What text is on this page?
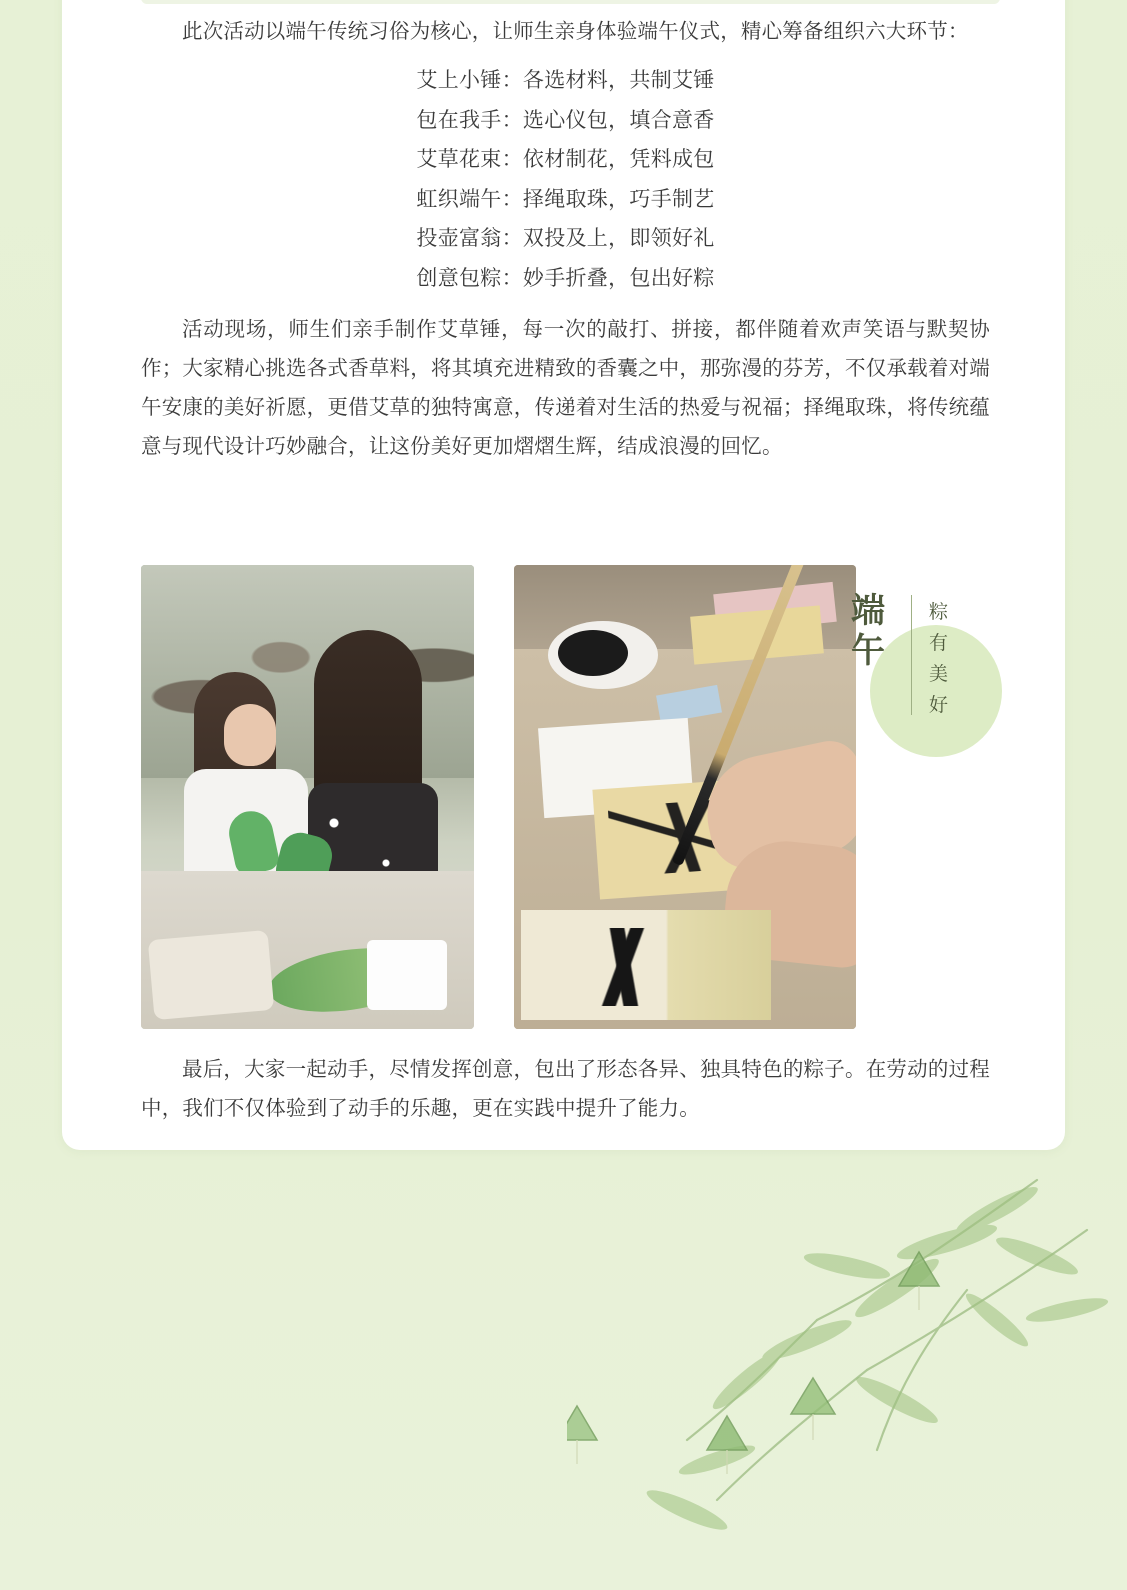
此次活动以端午传统习俗为核心，让师生亲身体验端午仪式，精心筹备组织六大环节：

艾上小锤：各选材料，共制艾锤
包在我手：选心仪包，填合意香
艾草花束：依材制花，凭料成包
虹织端午：择绳取珠，巧手制艺
投壶富翁：双投及上，即领好礼
创意包粽：妙手折叠，包出好粽

活动现场，师生们亲手制作艾草锤，每一次的敲打、拼接，都伴随着欢声笑语与默契协作；大家精心挑选各式香草料，将其填充进精致的香囊之中，那弥漫的芬芳，不仅承载着对端午安康的美好祈愿，更借艾草的独特寓意，传递着对生活的热爱与祝福；择绳取珠，将传统蕴意与现代设计巧妙融合，让这份美好更加熠熠生辉，结成浪漫的回忆。

端午
粽有美好

最后，大家一起动手，尽情发挥创意，包出了形态各异、独具特色的粽子。在劳动的过程中，我们不仅体验到了动手的乐趣，更在实践中提升了能力。
